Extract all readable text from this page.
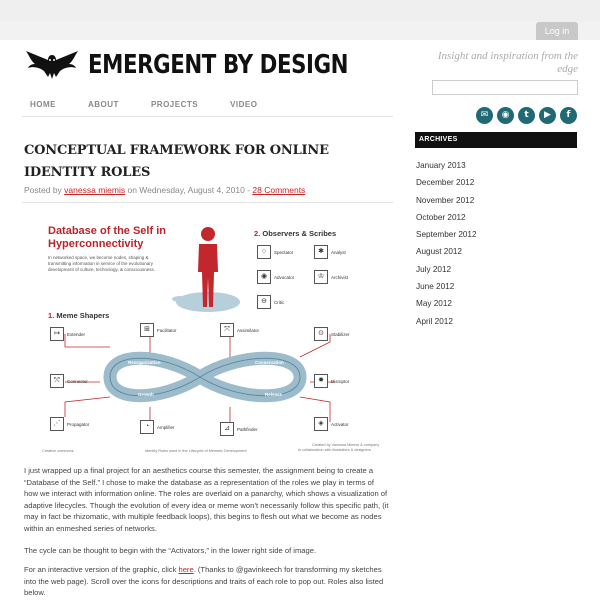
Log in
EMERGENT BY DESIGN	Insight and inspiration from the edge
HOME	ABOUT	PROJECTS	VIDEO
✉	◉	t	▶	f
CONCEPTUAL FRAMEWORK FOR ONLINE IDENTITY ROLES
Posted by vanessa miemis on Wednesday, August 4, 2010 - 28 Comments
Database of the Self in Hyperconnectivity
In networked space, we become nodes, shaping & transmitting information in service of the evolutionary development of culture, technology, & consciousness.
2. Observers & Scribes
1. Meme Shapers
○	Spectator	✱	Analyst
◉	Advocator	♔	Archivist
⊖	Critic
↦	Extender
⊞	Facilitator	⤧	Assimilator	⊙	Stabilizer
⤲	Connector	✸	Disruptor
⋰	Propagator	◔	Amplifier	⊿	Pathfinder
◈	Activator
Reorganization	Conservation
Growth	Release
Creative commons	Identity Roles used in the Lifecycle of Memetic Development
Created by Vanessa Miemis & company
in collaboration with illustrators & designers

I just wrapped up a final project for an aesthetics course this semester, the assignment being to create a “Database of the Self.” I chose to make the database as a representation of the roles we play in terms of how we interact with information online. The roles are overlaid on a panarchy, which shows a visualization of adaptive lifecycles. Though the evolution of every idea or meme won’t necessarily follow this specific path, (it may in fact be rhizomatic, with multiple feedback loops), this begins to flesh out what we become as nodes within an enmeshed series of networks.

The cycle can be thought to begin with the “Activators,” in the lower right side of image.

For an interactive version of the graphic, click here. (Thanks to @gavinkeech for transforming my sketches into the web page). Scroll over the icons for descriptions and traits of each role to pop out. Roles also listed below.

ARCHIVES
January 2013
December 2012
November 2012
October 2012
September 2012
August 2012
July 2012
June 2012
May 2012
April 2012
